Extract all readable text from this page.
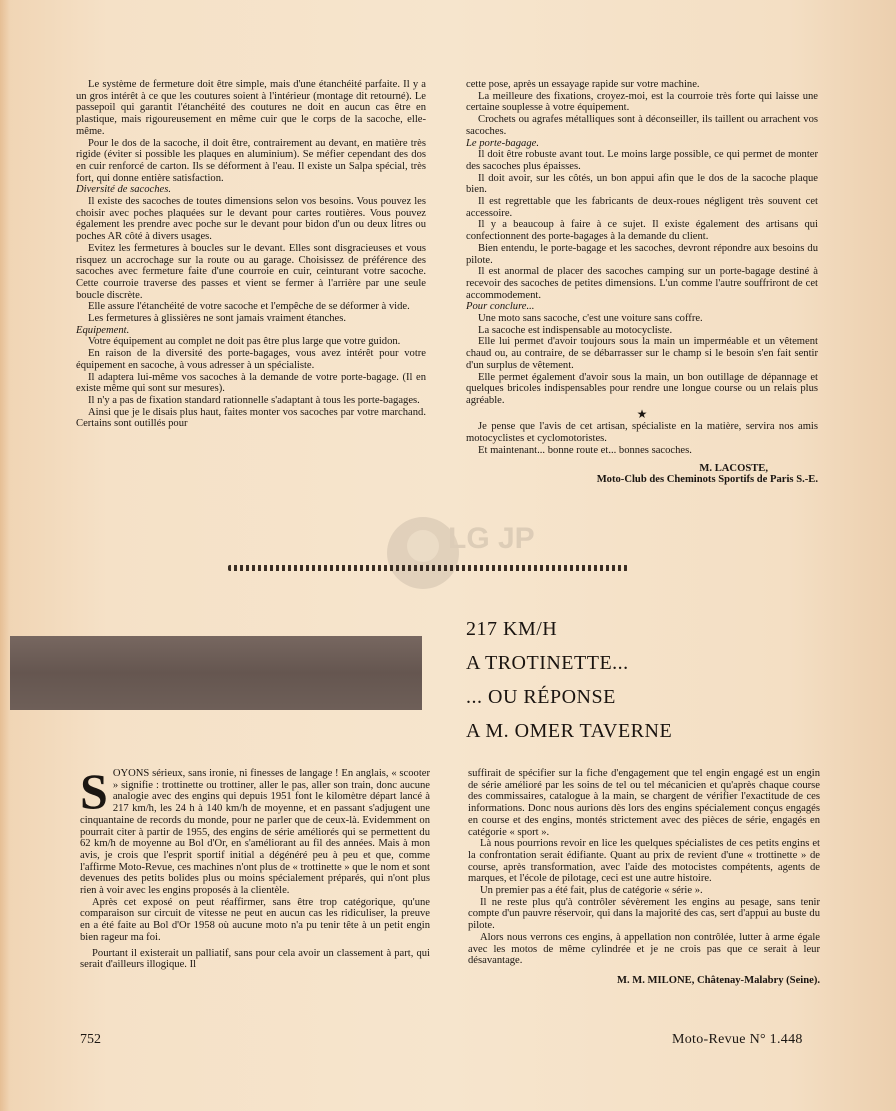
Le système de fermeture doit être simple, mais d'une étanchéité parfaite. Il y a un gros intérêt à ce que les coutures soient à l'intérieur (montage dit retourné). Le passepoil qui garantit l'étanchéité des coutures ne doit en aucun cas être en plastique, mais rigoureusement en même cuir que le corps de la sacoche, elle-même.

Pour le dos de la sacoche, il doit être, contrairement au devant, en matière très rigide (éviter si possible les plaques en aluminium). Se méfier cependant des dos en cuir renforcé de carton. Ils se déforment à l'eau. Il existe un Salpa spécial, très fort, qui donne entière satisfaction.

Diversité de sacoches.

Il existe des sacoches de toutes dimensions selon vos besoins. Vous pouvez les choisir avec poches plaquées sur le devant pour cartes routières. Vous pouvez également les prendre avec poche sur le devant pour bidon d'un ou deux litres ou poches AR côté à divers usages.

Evitez les fermetures à boucles sur le devant. Elles sont disgracieuses et vous risquez un accrochage sur la route ou au garage. Choisissez de préférence des sacoches avec fermeture faite d'une courroie en cuir, ceinturant votre sacoche. Cette courroie traverse des passes et vient se fermer à l'arrière par une seule boucle discrète.

Elle assure l'étanchéité de votre sacoche et l'empêche de se déformer à vide.

Les fermetures à glissières ne sont jamais vraiment étanches.

Equipement.

Votre équipement au complet ne doit pas être plus large que votre guidon.

En raison de la diversité des porte-bagages, vous avez intérêt pour votre équipement en sacoche, à vous adresser à un spécialiste.

Il adaptera lui-même vos sacoches à la demande de votre porte-bagage. (Il en existe même qui sont sur mesures).

Il n'y a pas de fixation standard rationnelle s'adaptant à tous les porte-bagages.

Ainsi que je le disais plus haut, faites monter vos sacoches par votre marchand. Certains sont outillés pour

cette pose, après un essayage rapide sur votre machine.

La meilleure des fixations, croyez-moi, est la courroie très forte qui laisse une certaine souplesse à votre équipement.

Crochets ou agrafes métalliques sont à déconseiller, ils taillent ou arrachent vos sacoches.

Le porte-bagage.

Il doit être robuste avant tout. Le moins large possible, ce qui permet de monter des sacoches plus épaisses.

Il doit avoir, sur les côtés, un bon appui afin que le dos de la sacoche plaque bien.

Il est regrettable que les fabricants de deux-roues négligent très souvent cet accessoire.

Il y a beaucoup à faire à ce sujet. Il existe également des artisans qui confectionnent des porte-bagages à la demande du client.

Bien entendu, le porte-bagage et les sacoches, devront répondre aux besoins du pilote.

Il est anormal de placer des sacoches camping sur un porte-bagage destiné à recevoir des sacoches de petites dimensions. L'un comme l'autre souffriront de cet accommodement.

Pour conclure...

Une moto sans sacoche, c'est une voiture sans coffre.

La sacoche est indispensable au motocycliste.

Elle lui permet d'avoir toujours sous la main un imperméable et un vêtement chaud ou, au contraire, de se débarrasser sur le champ si le besoin s'en fait sentir d'un surplus de vêtement.

Elle permet également d'avoir sous la main, un bon outillage de dépannage et quelques bricoles indispensables pour rendre une longue course ou un relais plus agréable.

★

Je pense que l'avis de cet artisan, spécialiste en la matière, servira nos amis motocyclistes et cyclomotoristes.

Et maintenant... bonne route et... bonnes sacoches.

M. LACOSTE,

Moto-Club des Cheminots Sportifs de Paris S.-E.

LG JP
217 KM/H
A TROTINETTE...
... OU RÉPONSE
A M. OMER TAVERNE

SOYONS sérieux, sans ironie, ni finesses de langage ! En anglais, « scooter » signifie : trottinette ou trottiner, aller le pas, aller son train, donc aucune analogie avec des engins qui depuis 1951 font le kilomètre départ lancé à 217 km/h, les 24 h à 140 km/h de moyenne, et en passant s'adjugent une cinquantaine de records du monde, pour ne parler que de ceux-là. Evidemment on pourrait citer à partir de 1955, des engins de série améliorés qui se permettent du 62 km/h de moyenne au Bol d'Or, en s'améliorant au fil des années. Mais à mon avis, je crois que l'esprit sportif initial a dégénéré peu à peu et que, comme l'affirme Moto-Revue, ces machines n'ont plus de « trottinette » que le nom et sont devenues des petits bolides plus ou moins spécialement préparés, qui n'ont plus rien à voir avec les engins proposés à la clientèle.

Après cet exposé on peut réaffirmer, sans être trop catégorique, qu'une comparaison sur circuit de vitesse ne peut en aucun cas les ridiculiser, la preuve en a été faite au Bol d'Or 1958 où aucune moto n'a pu tenir tête à un petit engin bien rageur ma foi.

Pourtant il existerait un palliatif, sans pour cela avoir un classement à part, qui serait d'ailleurs illogique. Il

suffirait de spécifier sur la fiche d'engagement que tel engin engagé est un engin de série amélioré par les soins de tel ou tel mécanicien et qu'après chaque course des commissaires, catalogue à la main, se chargent de vérifier l'exactitude de ces informations. Donc nous aurions dès lors des engins spécialement conçus engagés en course et des engins, montés strictement avec des pièces de série, engagés en catégorie « sport ».

Là nous pourrions revoir en lice les quelques spécialistes de ces petits engins et la confrontation serait édifiante. Quant au prix de revient d'une « trottinette » de course, après transformation, avec l'aide des motocistes compétents, agents de marques, et l'école de pilotage, ceci est une autre histoire.

Un premier pas a été fait, plus de catégorie « série ».

Il ne reste plus qu'à contrôler sévèrement les engins au pesage, sans tenir compte d'un pauvre réservoir, qui dans la majorité des cas, sert d'appui au buste du pilote.

Alors nous verrons ces engins, à appellation non contrôlée, lutter à arme égale avec les motos de même cylindrée et je ne crois pas que ce serait à leur désavantage.

M. M. MILONE, Châtenay-Malabry (Seine).

752	Moto-Revue N° 1.448
